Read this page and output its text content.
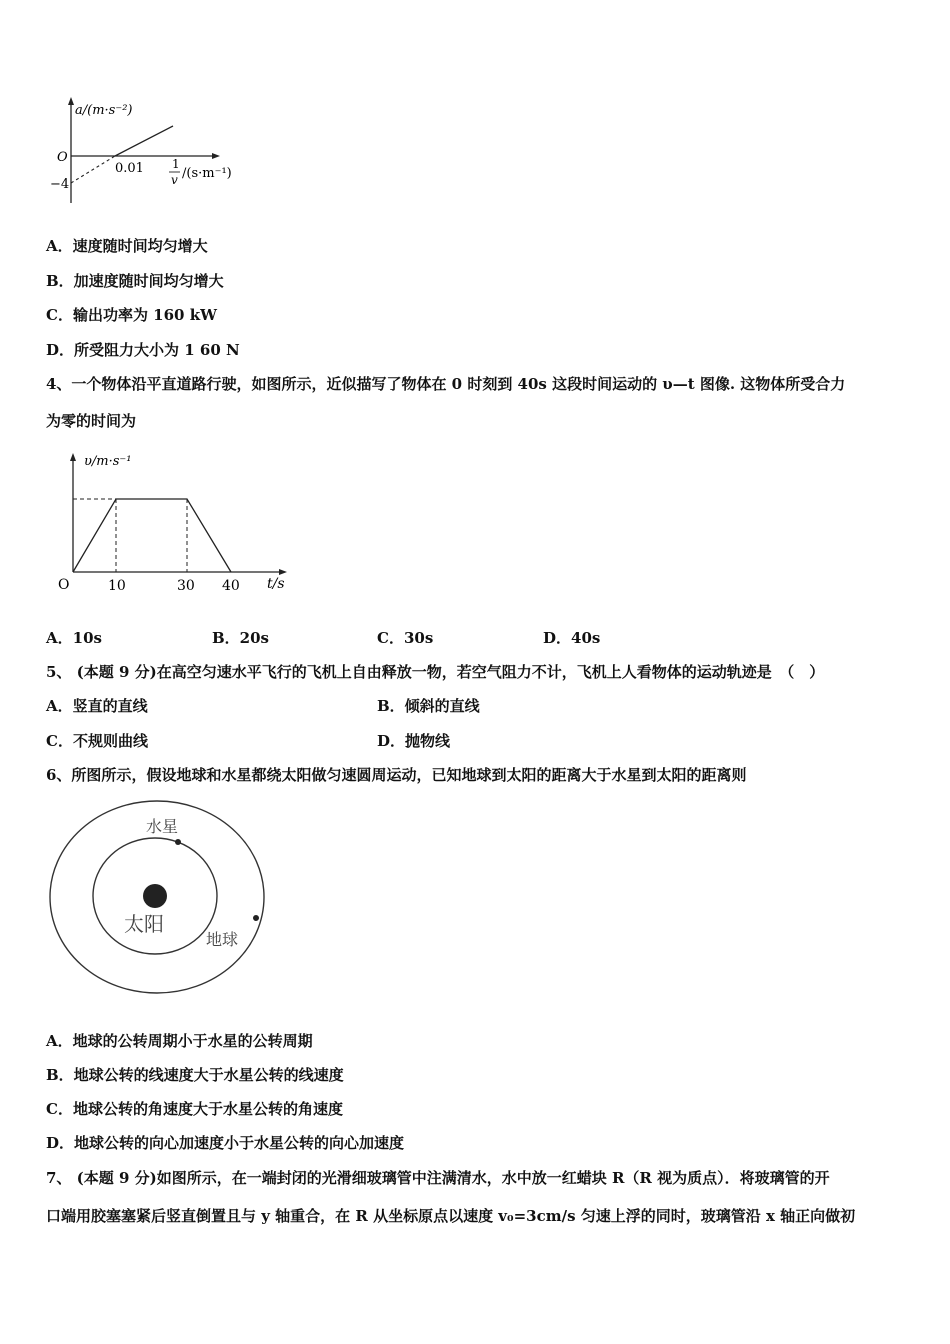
a/(m·s⁻²)
O
−4
0.01 1
v /(s·m⁻¹)
A．速度随时间均匀增大
B．加速度随时间均匀增大
C．输出功率为 160 kW
D．所受阻力大小为 1 60 N
4、一个物体沿平直道路行驶，如图所示，近似描写了物体在 0 时刻到 40s 这段时间运动的 υ—t 图像. 这物体所受合力
为零的时间为
υ/m·s⁻¹
O	10	30 40 t/s
A．10s	B．20s	C．30s	D．40s
5、 (本题 9 分)在高空匀速水平飞行的飞机上自由释放一物，若空气阻力不计，飞机上人看物体的运动轨迹是　（　）
A．竖直的直线	B．倾斜的直线
C．不规则曲线	D．抛物线
6、所图所示，假设地球和水星都绕太阳做匀速圆周运动，已知地球到太阳的距离大于水星到太阳的距离则
水星
太阳
地球
A．地球的公转周期小于水星的公转周期
B．地球公转的线速度大于水星公转的线速度
C．地球公转的角速度大于水星公转的角速度
D．地球公转的向心加速度小于水星公转的向心加速度
7、 (本题 9 分)如图所示，在一端封闭的光滑细玻璃管中注满清水，水中放一红蜡块 R（R 视为质点）．将玻璃管的开
口端用胶塞塞紧后竖直倒置且与 y 轴重合，在 R 从坐标原点以速度 v₀=3cm/s 匀速上浮的同时，玻璃管沿 x 轴正向做初
